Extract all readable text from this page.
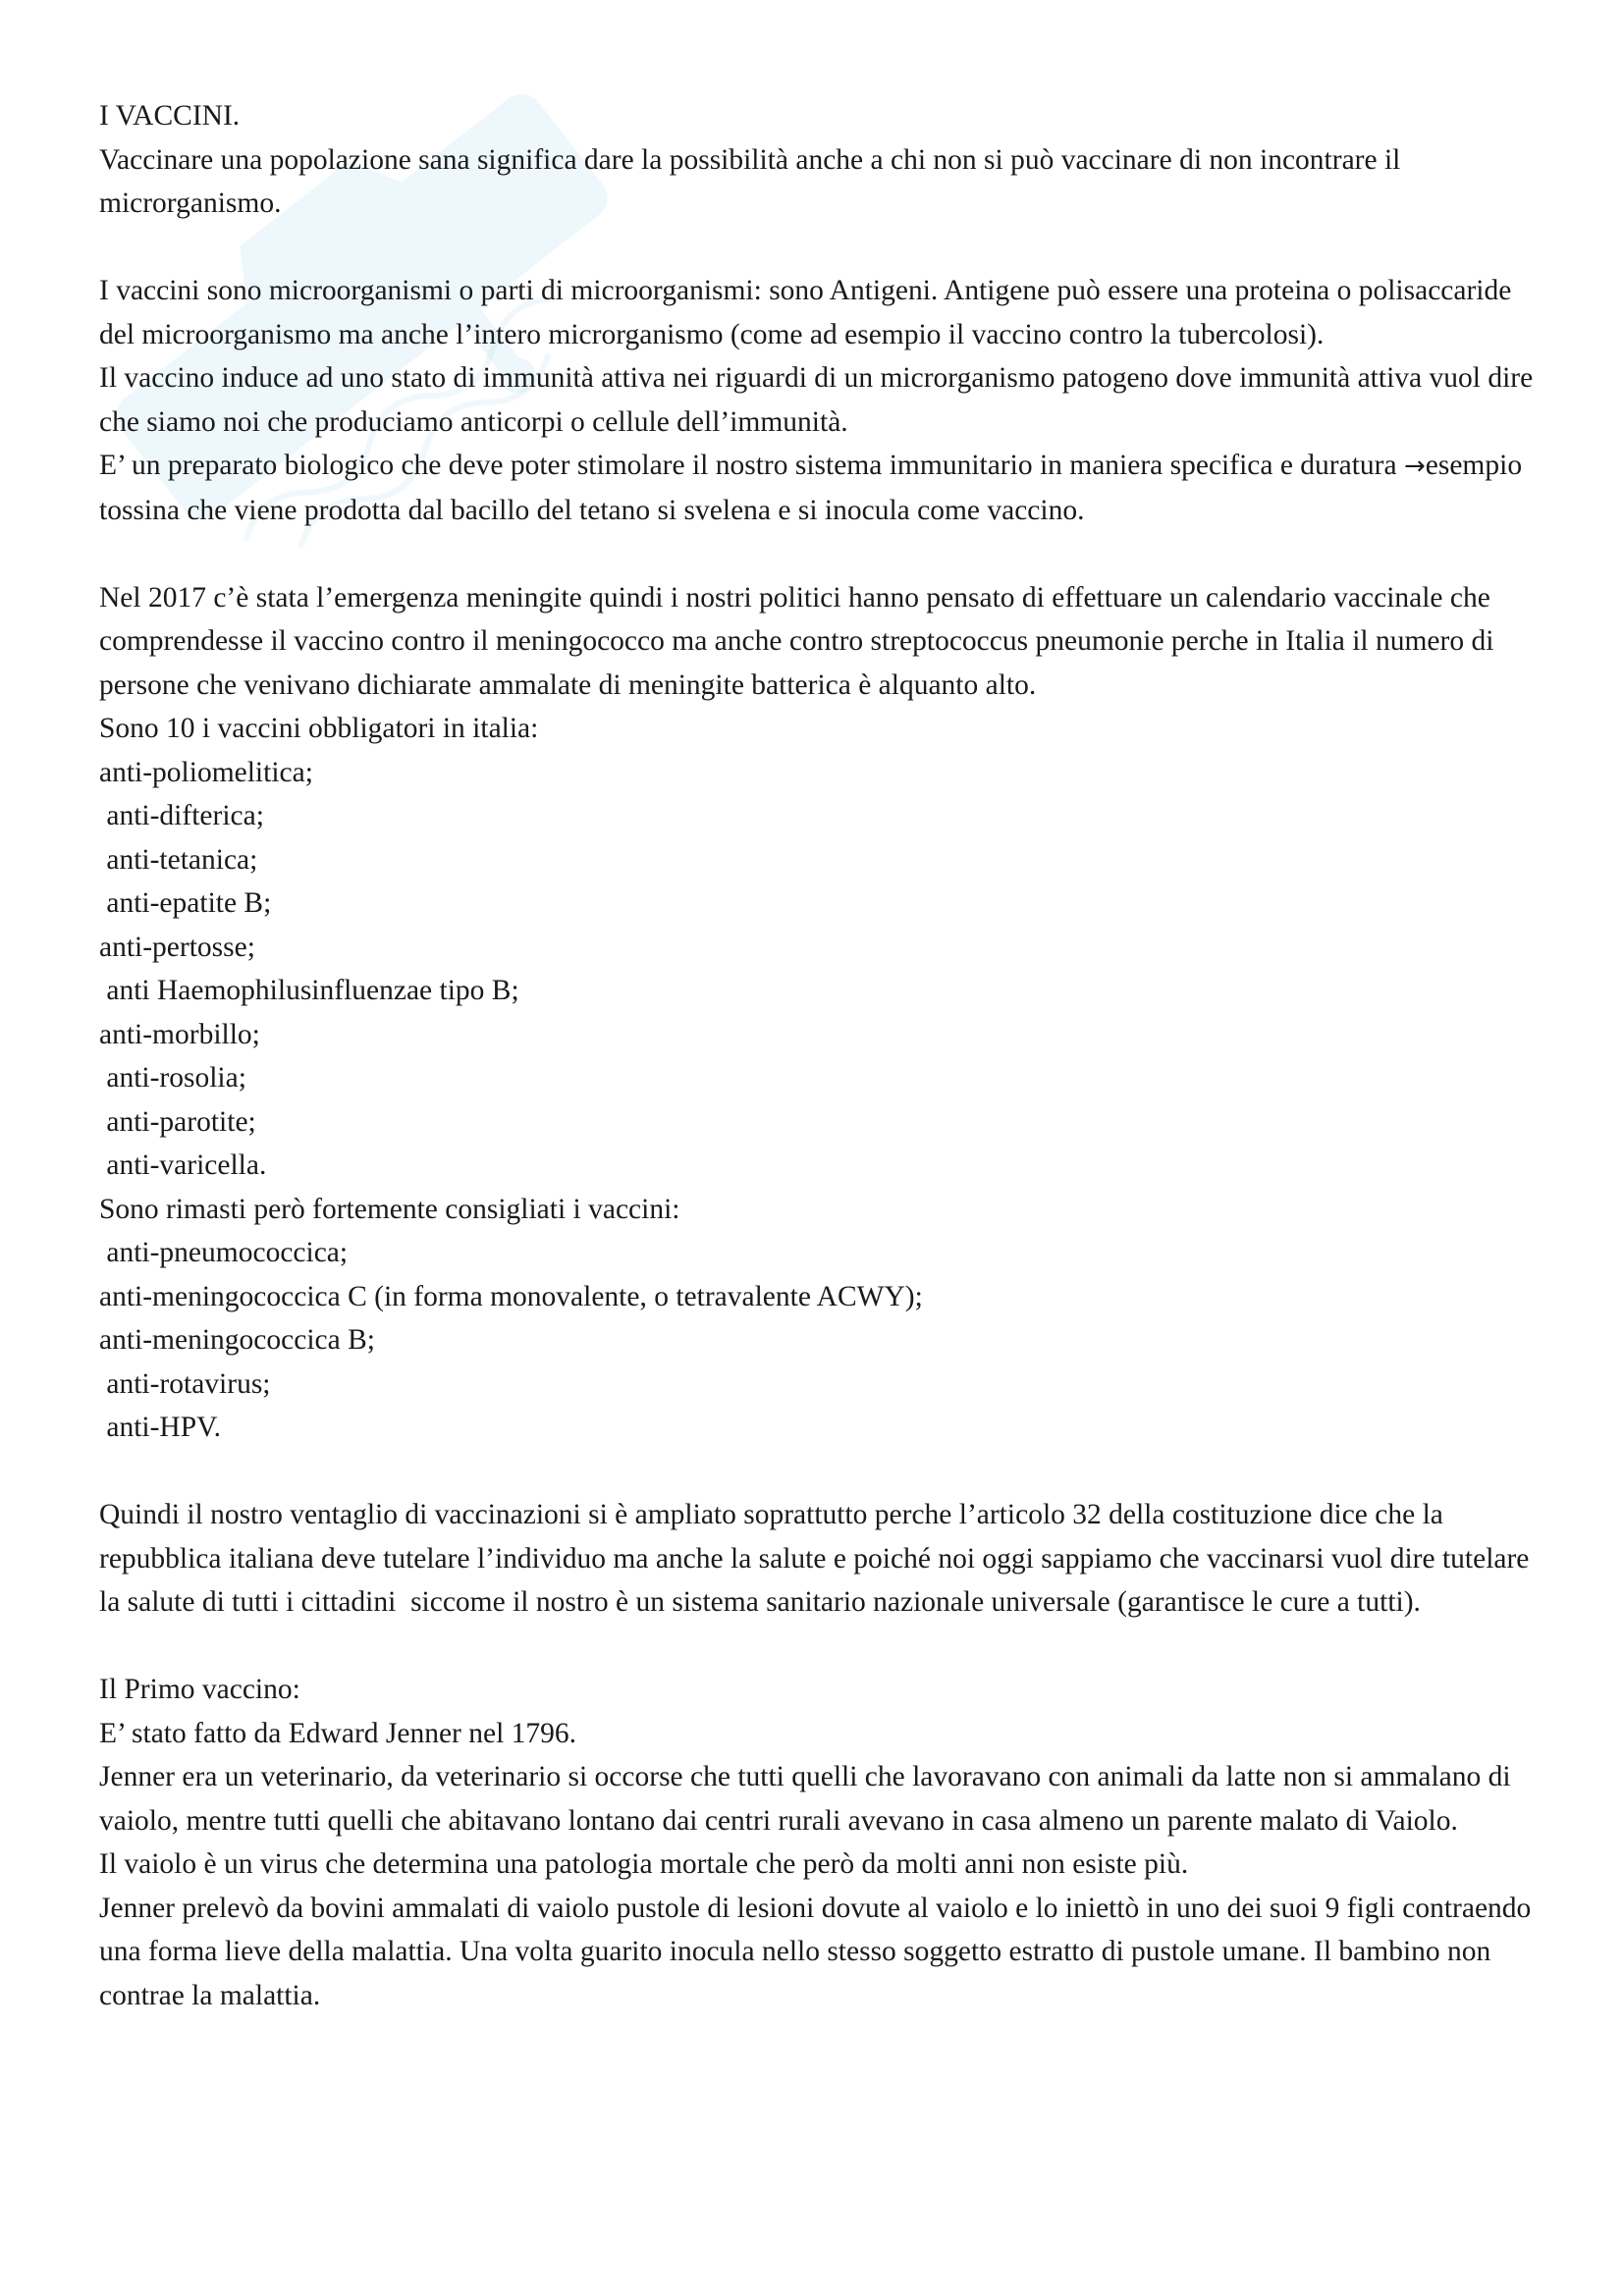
I VACCINI.

Vaccinare una popolazione sana significa dare la possibilità anche a chi non si può vaccinare di non incontrare il microrganismo.

I vaccini sono microorganismi o parti di microorganismi: sono Antigeni. Antigene può essere una proteina o polisaccaride del microorganismo ma anche l’intero microrganismo (come ad esempio il vaccino contro la tubercolosi).

Il vaccino induce ad uno stato di immunità attiva nei riguardi di un microrganismo patogeno dove immunità attiva vuol dire che siamo noi che produciamo anticorpi o cellule dell’immunità.

E’ un preparato biologico che deve poter stimolare il nostro sistema immunitario in maniera specifica e duratura →esempio tossina che viene prodotta dal bacillo del tetano si svelena e si inocula come vaccino.

Nel 2017 c’è stata l’emergenza meningite quindi i nostri politici hanno pensato di effettuare un calendario vaccinale che comprendesse il vaccino contro il meningococco ma anche contro streptococcus pneumonie perche in Italia il numero di persone che venivano dichiarate ammalate di meningite batterica è alquanto alto.

Sono 10 i vaccini obbligatori in italia:

anti-poliomelitica;

anti-difterica;

anti-tetanica;

anti-epatite B;

anti-pertosse;

anti Haemophilusinfluenzae tipo B;

anti-morbillo;

anti-rosolia;

anti-parotite;

anti-varicella.

Sono rimasti però fortemente consigliati i vaccini:

anti-pneumococcica;

anti-meningococcica C (in forma monovalente, o tetravalente ACWY);

anti-meningococcica B;

anti-rotavirus;

anti-HPV.

Quindi il nostro ventaglio di vaccinazioni si è ampliato soprattutto perche l’articolo 32 della costituzione dice che la repubblica italiana deve tutelare l’individuo ma anche la salute e poiché noi oggi sappiamo che vaccinarsi vuol dire tutelare la salute di tutti i cittadini  siccome il nostro è un sistema sanitario nazionale universale (garantisce le cure a tutti).

Il Primo vaccino:

E’ stato fatto da Edward Jenner nel 1796.

Jenner era un veterinario, da veterinario si occorse che tutti quelli che lavoravano con animali da latte non si ammalano di vaiolo, mentre tutti quelli che abitavano lontano dai centri rurali avevano in casa almeno un parente malato di Vaiolo.

Il vaiolo è un virus che determina una patologia mortale che però da molti anni non esiste più.

Jenner prelevò da bovini ammalati di vaiolo pustole di lesioni dovute al vaiolo e lo iniettò in uno dei suoi 9 figli contraendo una forma lieve della malattia. Una volta guarito inocula nello stesso soggetto estratto di pustole umane. Il bambino non contrae la malattia.
